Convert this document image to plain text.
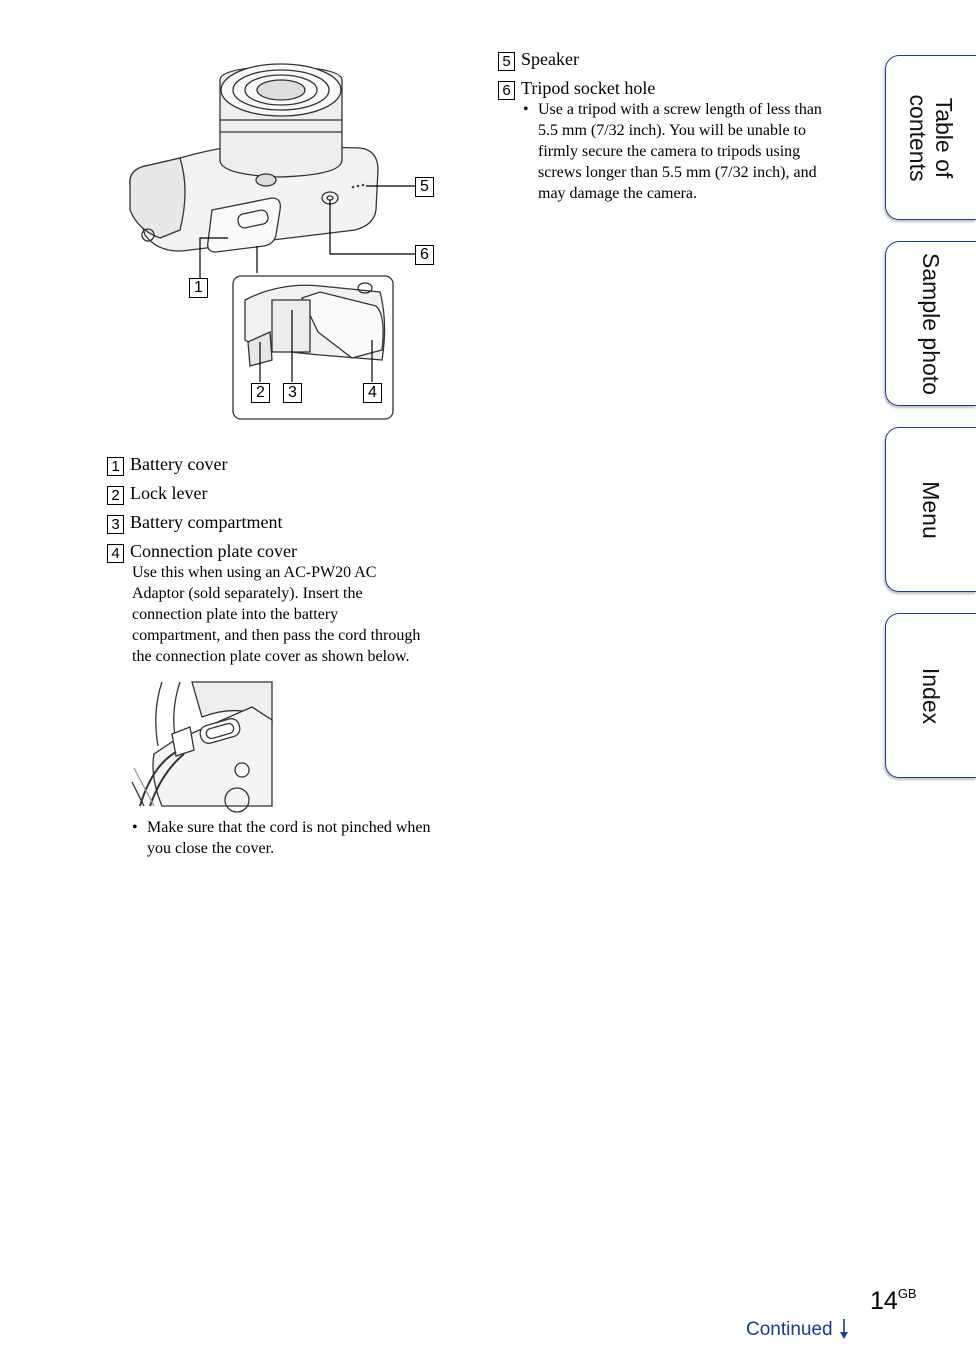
1
2	3	4
5
6
1 Battery cover
2 Lock lever
3 Battery compartment
4 Connection plate cover
Use this when using an AC-PW20 AC
Adaptor (sold separately). Insert the
connection plate into the battery
compartment, and then pass the cord through
the connection plate cover as shown below.
• Make sure that the cord is not pinched when
you close the cover.
5 Speaker
6 Tripod socket hole
• Use a tripod with a screw length of less than
5.5 mm (7/32 inch). You will be unable to
firmly secure the camera to tripods using
screws longer than 5.5 mm (7/32 inch), and
may damage the camera.
Table of
contents
Sample photo
Menu
Index
$14^{GB}$
Continued
